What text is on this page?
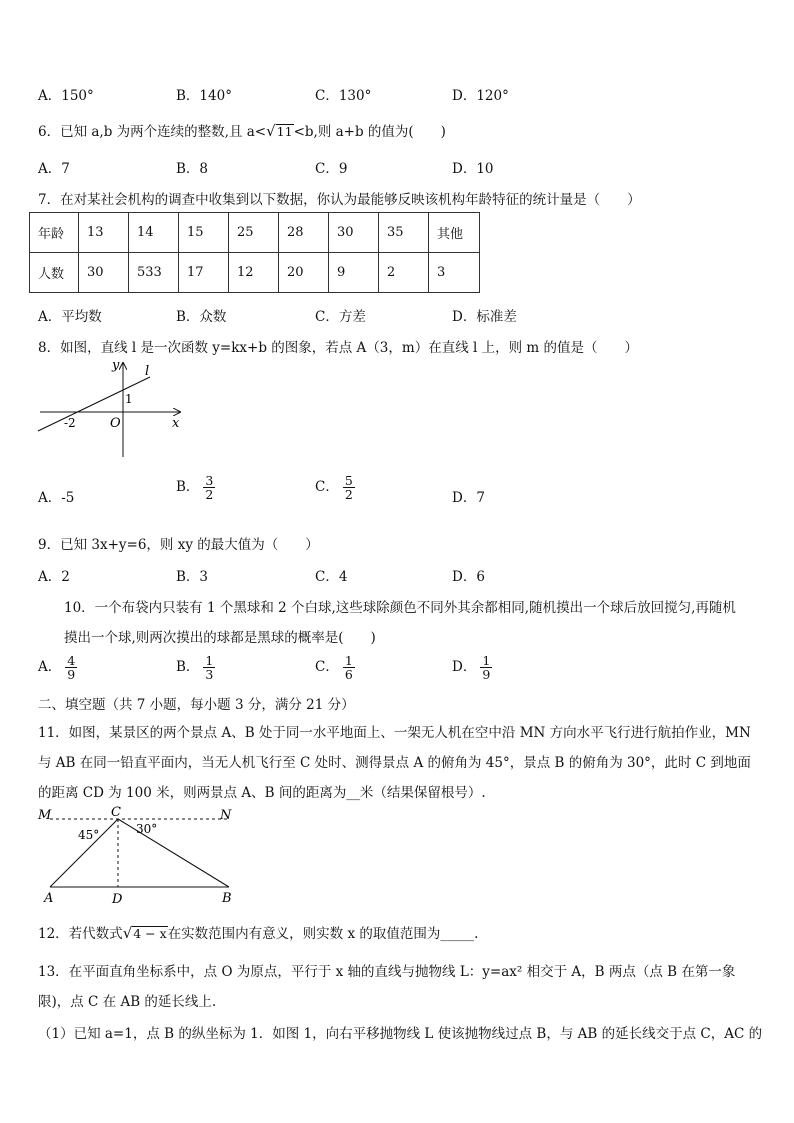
A．150°	B．140°	C．130°	D．120°
6．已知 a,b 为两个连续的整数,且 a< √ 11 <b,则 a+b 的值为(　　)
A．7	B．8	C．9	D．10
7．在对某社会机构的调查中收集到以下数据，你认为最能够反映该机构年龄特征的统计量是（　　）
年龄	13	14	15	25	28	30	35	其他
人数	30	533	17	12	20	9	2	3
A．平均数	B．众数	C．方差	D．标准差
8．如图，直线 l 是一次函数 y=kx+b 的图象，若点 A（3，m）在直线 l 上，则 m 的值是（　　）
y l
1
-2	O	x
A．-5
B． $\frac{3}{2}$	C． $\frac{5}{2}$	D．7
9．已知 3x+y=6，则 xy 的最大值为（　　）
A．2	B．3	C．4	D．6
10．一个布袋内只装有 1 个黑球和 2 个白球,这些球除颜色不同外其余都相同,随机摸出一个球后放回搅匀,再随机
摸出一个球,则两次摸出的球都是黑球的概率是(　　)
A． $\frac{4}{9}$	B． $\frac{1}{3}$	C． $\frac{1}{6}$	D． $\frac{1}{9}$
二、填空题（共 7 小题，每小题 3 分，满分 21 分）
11．如图，某景区的两个景点 A、B 处于同一水平地面上、一架无人机在空中沿 MN 方向水平飞行进行航拍作业，MN
与 AB 在同一铅直平面内，当无人机飞行至 C 处时、测得景点 A 的俯角为 45°，景点 B 的俯角为 30°，此时 C 到地面
的距离 CD 为 100 米，则两景点 A、B 间的距离为__米（结果保留根号）.
M	C	N
45°	30°
A	D	B
12．若代数式 √ 4 − x 在实数范围内有意义，则实数 x 的取值范围为_____.
13．在平面直角坐标系中，点 O 为原点，平行于 x 轴的直线与抛物线 L：y=ax² 相交于 A，B 两点（点 B 在第一象
限)，点 C 在 AB 的延长线上.
（1）已知 a=1，点 B 的纵坐标为 1．如图 1，向右平移抛物线 L 使该抛物线过点 B，与 AB 的延长线交于点 C，AC 的
